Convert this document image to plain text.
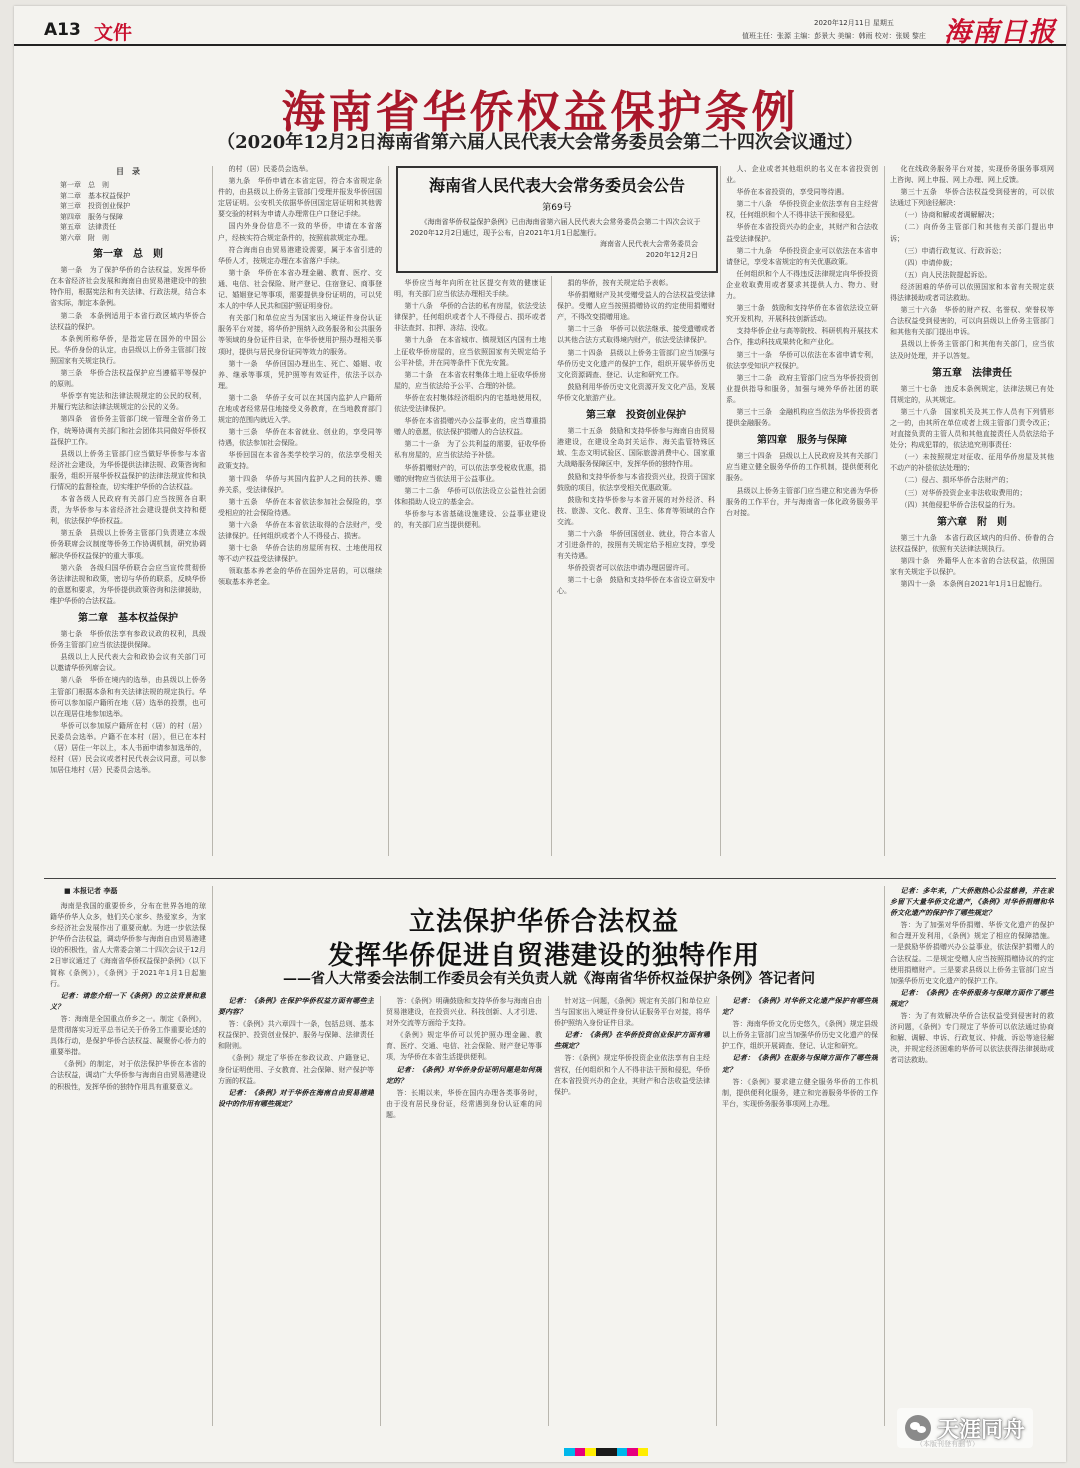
A13 文件	2020年12月11日 星期五
值班主任：张源 主编：彭景大 美编：韩雨 校对：张媛 黎庄 海南日报
海南省华侨权益保护条例
（2020年12月2日海南省第六届人民代表大会常务委员会第二十四次会议通过）
目　录
第一章　总　则
第二章　基本权益保护
第三章　投资创业保护
第四章　服务与保障
第五章　法律责任
第六章　附　则
第一章　总　则

第一条　为了保护华侨的合法权益，发挥华侨在本省经济社会发展和海南自由贸易港建设中的独特作用，根据宪法和有关法律、行政法规，结合本省实际，制定本条例。

第二条　本条例适用于本省行政区域内华侨合法权益的保护。

本条例所称华侨，是指定居在国外的中国公民。华侨身份的认定，由县级以上侨务主管部门按照国家有关规定执行。

第三条　华侨合法权益保护应当遵循平等保护的原则。

华侨享有宪法和法律法规规定的公民的权利，并履行宪法和法律法规规定的公民的义务。

第四条　省侨务主管部门统一管理全省侨务工作，统筹协调有关部门和社会团体共同做好华侨权益保护工作。

县级以上侨务主管部门应当做好华侨参与本省经济社会建设，为华侨提供法律法规、政策咨询和服务，组织开展华侨权益保护的法律法规宣传和执行情况的监督检查，切实维护华侨的合法权益。

本省各级人民政府有关部门应当按照各自职责，为华侨参与本省经济社会建设提供支持和便利，依法保护华侨权益。

第五条　县级以上侨务主管部门负责建立本级侨务联席会议制度等侨务工作协调机制，研究协调解决华侨权益保护的重大事项。

第六条　各级归国华侨联合会应当宣传贯彻侨务法律法规和政策，密切与华侨的联系，反映华侨的意愿和要求，为华侨提供政策咨询和法律援助，维护华侨的合法权益。

第二章　基本权益保护

第七条　华侨依法享有参政议政的权利，具级侨务主管部门应当依法提供保障。

县级以上人民代表大会和政协会议有关部门可以邀请华侨列席会议。

第八条　华侨在境内的选举，由县级以上侨务主管部门根据本条和有关法律法规的规定执行。华侨可以参加原户籍所在地（居）选举的投票，也可以在现居住地参加选举。

华侨可以参加原户籍所在村（居）的村（居）民委员会选举。户籍不在本村（居），但已在本村（居）居住一年以上，本人书面申请参加选举的，经村（居）民会议或者村民代表会议同意，可以参加居住地村（居）民委员会选举。

的村（居）民委员会选举。

第九条　华侨申请在本省定居，符合本省规定条件的，由县级以上侨务主管部门受理并报发华侨回国定居证明。公安机关依据华侨回国定居证明和其他需要交验的材料为申请人办理常住户口登记手续。

国内外身份信息不一致的华侨，申请在本省落户，经核实符合规定条件的，按照前款规定办理。

符合海南自由贸易港建设需要，属于本省引进的华侨人才，按规定办理在本省落户手续。

第十条　华侨在本省办理金融、教育、医疗、交通、电信、社会保险、财产登记、住宿登记、商事登记、婚姻登记等事项，需要提供身份证明的，可以凭本人的中华人民共和国护照证明身份。

有关部门和单位应当为国家出入境证件身份认证服务平台对接，将华侨护照纳入政务服务和公共服务等领域的身份证件目录，在华侨使用护照办理相关事项时，提供与居民身份证同等效力的服务。

第十一条　华侨回国办理出生、死亡、婚姻、收养、继承等事项，凭护照等有效证件，依法予以办理。

第十二条　华侨子女可以在其国内监护人户籍所在地或者经常居住地接受义务教育，在当地教育部门规定的范围内就近入学。

第十三条　华侨在本省就业、创业的，享受同等待遇，依法参加社会保险。

华侨回国在本省各类学校学习的，依法享受相关政策支持。

第十四条　华侨与其国内监护人之间的扶养、赡养关系，受法律保护。

第十五条　华侨在本省依法参加社会保险的，享受相应的社会保险待遇。

第十六条　华侨在本省依法取得的合法财产，受法律保护。任何组织或者个人不得侵占、损害。

第十七条　华侨合法的房屋所有权、土地使用权等不动产权益受法律保护。

领取基本养老金的华侨在国外定居的，可以继续领取基本养老金。

海南省人民代表大会常务委员会公告
第69号
《海南省华侨权益保护条例》已由海南省第六届人民代表大会常务委员会第二十四次会议于2020年12月2日通过，现予公布，自2021年1月1日起施行。
海南省人民代表大会常务委员会
2020年12月2日

华侨应当每年向所在社区提交有效的健康证明，有关部门应当依法办理相关手续。

第十八条　华侨的合法的私有房屋，依法受法律保护，任何组织或者个人不得侵占、损坏或者非法查封、扣押、冻结、没收。

第十九条　在本省城市、镇规划区内国有土地上征收华侨房屋的，应当依照国家有关规定给予公平补偿，并在同等条件下优先安置。

第二十条　在本省农村集体土地上征收华侨房屋的，应当依法给予公平、合理的补偿。

华侨在农村集体经济组织内的宅基地使用权，依法受法律保护。

华侨在本省捐赠兴办公益事业的，应当尊重捐赠人的意愿，依法保护捐赠人的合法权益。

第二十一条　为了公共利益的需要，征收华侨私有房屋的，应当依法给予补偿。

华侨捐赠财产的，可以依法享受税收优惠，捐赠的财物应当依法用于公益事业。

第二十二条　华侨可以依法设立公益性社会团体和捐助人设立的基金会。

华侨参与本省基础设施建设、公益事业建设的，有关部门应当提供便利。

捐的华侨，按有关规定给予表彰。

华侨捐赠财产及其受赠受益人的合法权益受法律保护。受赠人应当按照捐赠协议的约定使用捐赠财产，不得改变捐赠用途。

第二十三条　华侨可以依法继承、接受遗赠或者以其他合法方式取得境内财产，依法受法律保护。

第二十四条　县级以上侨务主管部门应当加强与华侨历史文化遗产的保护工作，组织开展华侨历史文化资源调查、登记、认定和研究工作。

鼓励利用华侨历史文化资源开发文化产品，发展华侨文化旅游产业。

第三章　投资创业保护

第二十五条　鼓励和支持华侨参与海南自由贸易港建设，在建设全岛封关运作、海关监管特殊区域、生态文明试验区、国际旅游消费中心、国家重大战略服务保障区中，发挥华侨的独特作用。

鼓励和支持华侨参与本省投资兴业，投资于国家鼓励的项目，依法享受相关优惠政策。

鼓励和支持华侨参与本省开展的对外经济、科技、旅游、文化、教育、卫生、体育等领域的合作交流。

第二十六条　华侨回国创业、就业，符合本省人才引进条件的，按照有关规定给予相应支持，享受有关待遇。

华侨投资者可以依法申请办理居留许可。

第二十七条　鼓励和支持华侨在本省设立研发中心。

人、企业或者其他组织的名义在本省投资创业。

华侨在本省投资的，享受同等待遇。

第二十八条　华侨投资企业依法享有自主经营权，任何组织和个人不得非法干预和侵犯。

华侨在本省投资兴办的企业，其财产和合法收益受法律保护。

第二十九条　华侨投资企业可以依法在本省申请登记，享受本省规定的有关优惠政策。

任何组织和个人不得违反法律规定向华侨投资企业收取费用或者要求其提供人力、物力、财力。

第三十条　鼓励和支持华侨在本省依法设立研究开发机构，开展科技创新活动。

支持华侨企业与高等院校、科研机构开展技术合作，推动科技成果转化和产业化。

第三十一条　华侨可以依法在本省申请专利，依法享受知识产权保护。

第三十二条　政府主管部门应当为华侨投资创业提供指导和服务，加强与境外华侨社团的联系。

第三十三条　金融机构应当依法为华侨投资者提供金融服务。

第四章　服务与保障

第三十四条　县级以上人民政府及其有关部门应当建立健全服务华侨的工作机制，提供便利化服务。

县级以上侨务主管部门应当建立和完善为华侨服务的工作平台，并与海南省一体化政务服务平台对接。

化在线政务服务平台对接，实现侨务服务事项网上咨询、网上申报、网上办理、网上反馈。

第三十五条　华侨合法权益受到侵害的，可以依法通过下列途径解决：

（一）协商和解或者调解解决；

（二）向侨务主管部门和其他有关部门提出申诉；

（三）申请行政复议、行政诉讼；

（四）申请仲裁；

（五）向人民法院提起诉讼。

经济困难的华侨可以依照国家和本省有关规定获得法律援助或者司法救助。

第三十六条　华侨的财产权、名誉权、荣誉权等合法权益受到侵害的，可以向县级以上侨务主管部门和其他有关部门提出申诉。

县级以上侨务主管部门和其他有关部门，应当依法及时处理，并予以答复。

第五章　法律责任

第三十七条　违反本条例规定，法律法规已有处罚规定的，从其规定。

第三十八条　国家机关及其工作人员有下列情形之一的，由其所在单位或者上级主管部门责令改正；对直接负责的主管人员和其他直接责任人员依法给予处分；构成犯罪的，依法追究刑事责任：

（一）未按照规定对征收、征用华侨房屋及其他不动产的补偿依法处理的；

（二）侵占、损坏华侨合法财产的；

（三）对华侨投资企业非法收取费用的；

（四）其他侵犯华侨合法权益的行为。

第六章　附　则

第三十九条　本省行政区域内的归侨、侨眷的合法权益保护，依照有关法律法规执行。

第四十条　外籍华人在本省的合法权益，依照国家有关规定予以保护。

第四十一条　本条例自2021年1月1日起施行。

■ 本报记者 李磊
立法保护华侨合法权益
发挥华侨促进自贸港建设的独特作用
——省人大常委会法制工作委员会有关负责人就《海南省华侨权益保护条例》答记者问

海南是我国的重要侨乡，分布在世界各地的琼籍华侨华人众多，他们关心家乡、热爱家乡，为家乡经济社会发展作出了重要贡献。为进一步依法保护华侨合法权益，调动华侨参与海南自由贸易港建设的积极性，省人大常委会第二十四次会议于12月2日审议通过了《海南省华侨权益保护条例》（以下简称《条例》），《条例》于2021年1月1日起施行。

记者：请您介绍一下《条例》的立法背景和意义？

答：海南是全国重点侨乡之一。制定《条例》，是贯彻落实习近平总书记关于侨务工作重要论述的具体行动，是保护华侨合法权益、凝聚侨心侨力的重要举措。

《条例》的制定，对于依法保护华侨在本省的合法权益，调动广大华侨参与海南自由贸易港建设的积极性，发挥华侨的独特作用具有重要意义。

记者：《条例》在保护华侨权益方面有哪些主要内容？

答：《条例》共六章四十一条，包括总则、基本权益保护、投资创业保护、服务与保障、法律责任和附则。

《条例》规定了华侨在参政议政、户籍登记、身份证明使用、子女教育、社会保障、财产保护等方面的权益。

记者：《条例》对于华侨在海南自由贸易港建设中的作用有哪些规定？

答：《条例》明确鼓励和支持华侨参与海南自由贸易港建设，在投资兴业、科技创新、人才引进、对外交流等方面给予支持。

《条例》规定华侨可以凭护照办理金融、教育、医疗、交通、电信、社会保险、财产登记等事项，为华侨在本省生活提供便利。

记者：《条例》对华侨身份证明问题是如何规定的？

答：长期以来，华侨在国内办理各类事务时，由于没有居民身份证，经常遇到身份认证难的问题。

针对这一问题，《条例》规定有关部门和单位应当与国家出入境证件身份认证服务平台对接，将华侨护照纳入身份证件目录。

记者：《条例》在华侨投资创业保护方面有哪些规定？

答：《条例》规定华侨投资企业依法享有自主经营权，任何组织和个人不得非法干预和侵犯，华侨在本省投资兴办的企业，其财产和合法收益受法律保护。

记者：《条例》对华侨文化遗产保护有哪些规定？

答：海南华侨文化历史悠久，《条例》规定县级以上侨务主管部门应当加强华侨历史文化遗产的保护工作，组织开展调查、登记、认定和研究。

记者：《条例》在服务与保障方面作了哪些规定？

答：《条例》要求建立健全服务华侨的工作机制，提供便利化服务，建立和完善服务华侨的工作平台，实现侨务服务事项网上办理。

记者：多年来，广大侨胞热心公益慈善，并在家乡留下大量华侨文化遗产，《条例》对华侨捐赠和华侨文化遗产的保护作了哪些规定？

答：为了加强对华侨捐赠、华侨文化遗产的保护和合理开发利用，《条例》规定了相应的保障措施。一是鼓励华侨捐赠兴办公益事业，依法保护捐赠人的合法权益。二是规定受赠人应当按照捐赠协议的约定使用捐赠财产。三是要求县级以上侨务主管部门应当加强华侨历史文化遗产的保护工作。

记者：《条例》在华侨服务与保障方面作了哪些规定？

答：为了有效解决华侨合法权益受到侵害时的救济问题，《条例》专门规定了华侨可以依法通过协商和解、调解、申诉、行政复议、仲裁、诉讼等途径解决，并规定经济困难的华侨可以依法获得法律援助或者司法救助。

天涯同舟
